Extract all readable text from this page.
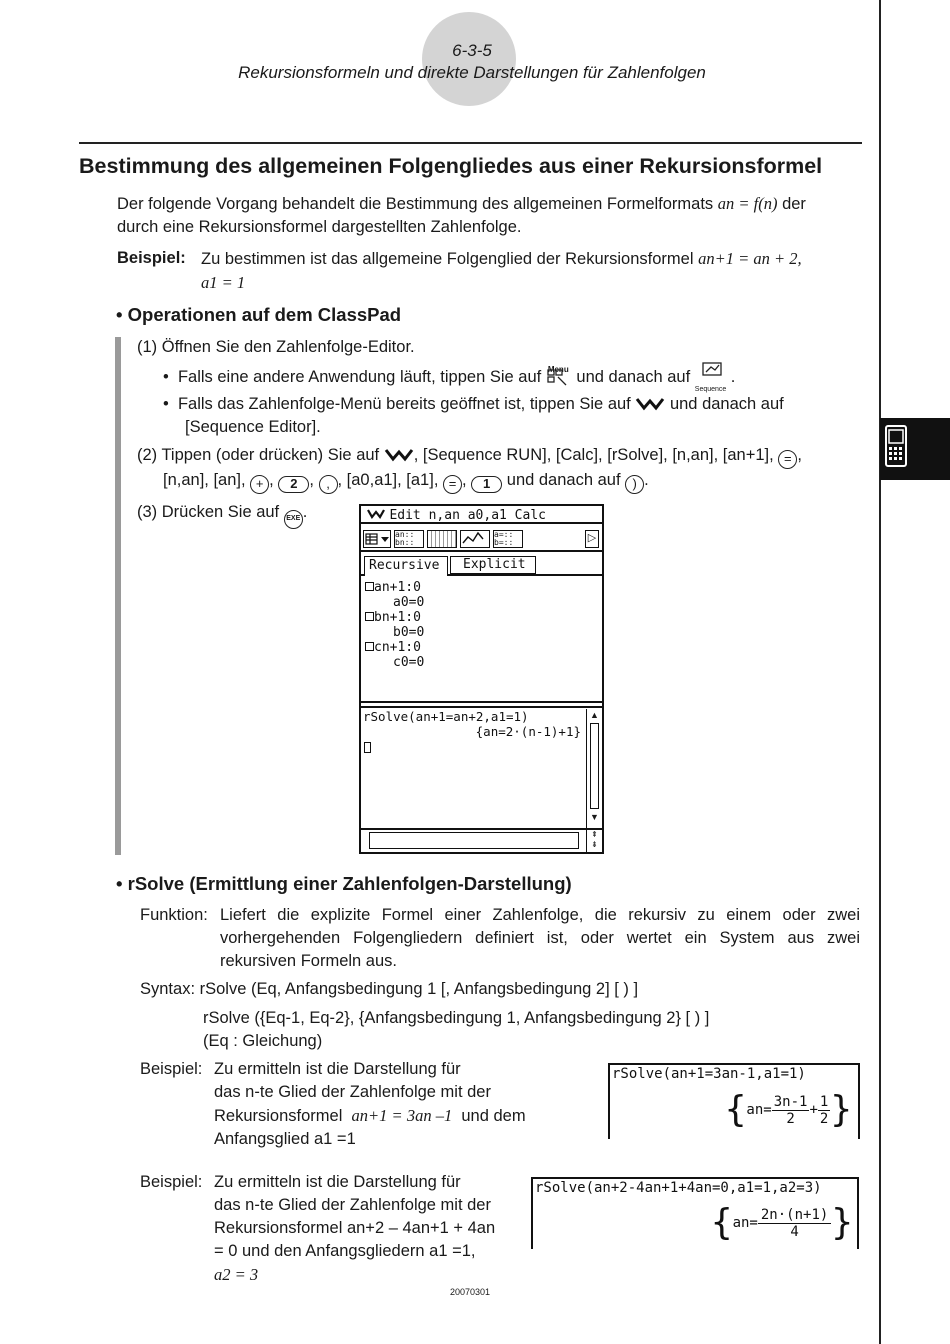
6-3-5
Rekursionsformeln und direkte Darstellungen für Zahlenfolgen
Bestimmung des allgemeinen Folgengliedes aus einer Rekursionsformel
Der folgende Vorgang behandelt die Bestimmung des allgemeinen Formelformats an = f(n) der
durch eine Rekursionsformel dargestellten Zahlenfolge.
Beispiel: Zu bestimmen ist das allgemeine Folgenglied der Rekursionsformel an+1 = an + 2,
a1 = 1
• Operationen auf dem ClassPad
(1) Öffnen Sie den Zahlenfolge-Editor.
•  Falls eine andere Anwendung läuft, tippen Sie auf Menu und danach auf
Sequence
.
•  Falls das Zahlenfolge-Menü bereits geöffnet ist, tippen Sie auf und danach auf
[Sequence Editor].
(2) Tippen (oder drücken) Sie auf , [Sequence RUN], [Calc], [rSolve], [n,an], [an+1], = ,
[n,an], [an], + , 2 , , , [a0,a1], [a1], = , 1 und danach auf ) .
(3) Drücken Sie auf EXE .	Edit n,an a0,a1 Calc
an::
bn::
a=::
b=::	▷
Recursive	Explicit
an+1:0
a0=0
bn+1:0
b0=0
cn+1:0
c0=0
rSolve(an+1=an+2,a1=1)
{an=2·(n-1)+1}
▲
▼
⇞
⇟
• rSolve (Ermittlung einer Zahlenfolgen-Darstellung)
Funktion: Liefert die explizite Formel einer Zahlenfolge, die rekursiv zu einem oder zwei
vorhergehenden Folgengliedern definiert ist, oder wertet ein System aus zwei
rekursiven Formeln aus.
Syntax: rSolve (Eq, Anfangsbedingung 1 [, Anfangsbedingung 2] [ ) ]
rSolve ({Eq-1, Eq-2}, {Anfangsbedingung 1, Anfangsbedingung 2} [ ) ]
(Eq : Gleichung)
Beispiel: Zu ermitteln ist die Darstellung für
das n-te Glied der Zahlenfolge mit der
Rekursionsformel an+1 = 3an –1 und dem
Anfangsglied a1 =1
rSolve(an+1=3an-1,a1=1)
{ $an= \frac{3n-1}{2} + \frac{1}{2}$ }
Beispiel: Zu ermitteln ist die Darstellung für
das n-te Glied der Zahlenfolge mit der
Rekursionsformel an+2 – 4an+1 + 4an
= 0 und den Anfangsgliedern a1 =1,
a2 = 3
rSolve(an+2-4an+1+4an=0,a1=1,a2=3)
{ $an= \frac{2n\cdot(n+1)}{4}$ }
20070301
